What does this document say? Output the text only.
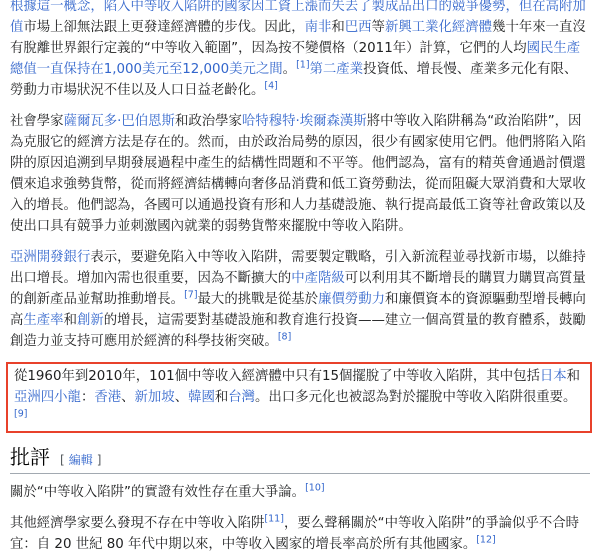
根據這一概念，陷入中等收入陷阱的國家因工資上漲而失去了製成品出口的競爭優勢，但在高附加值市場上卻無法跟上更發達經濟體的步伐。因此，南非和巴西等新興工業化經濟體幾十年來一直沒有脫離世界銀行定義的“中等收入範圍”，因為按不變價格（2011年）計算，它們的人均國民生產總值一直保持在1,000美元至12,000美元之間。[1]第二產業投資低、增長慢、產業多元化有限、勞動力市場狀況不佳以及人口日益老齡化。[4]

社會學家薩爾瓦多·巴伯恩斯和政治學家哈特穆特·埃爾森漢斯將中等收入陷阱稱為“政治陷阱”，因為克服它的經濟方法是存在的。然而，由於政治局勢的原因，很少有國家使用它們。他們將陷入陷阱的原因追溯到早期發展過程中產生的結構性問題和不平等。他們認為，富有的精英會通過討價還價來追求強勢貨幣，從而將經濟結構轉向奢侈品消費和低工資勞動法，從而阻礙大眾消費和大眾收入的增長。他們認為，各國可以通過投資有形和人力基礎設施、執行提高最低工資等社會政策以及使出口具有競爭力並刺激國內就業的弱勢貨幣來擺脫中等收入陷阱。

亞洲開發銀行表示，要避免陷入中等收入陷阱，需要製定戰略，引入新流程並尋找新市場，以維持出口增長。增加內需也很重要，因為不斷擴大的中產階級可以利用其不斷增長的購買力購買高質量的創新產品並幫助推動增長。[7]最大的挑戰是從基於廉價勞動力和廉價資本的資源驅動型增長轉向高生產率和創新的增長，這需要對基礎設施和教育進行投資——建立一個高質量的教育體系，鼓勵創造力並支持可應用於經濟的科學技術突破。[8]

從1960年到2010年，101個中等收入經濟體中只有15個擺脫了中等收入陷阱，其中包括日本和亞洲四小龍：香港、新加坡、韓國和台灣。出口多元化也被認為對於擺脫中等收入陷阱很重要。[9]

批評 [ 編輯 ]

關於“中等收入陷阱”的實證有效性存在重大爭論。[10]

其他經濟學家要么發現不存在中等收入陷阱[11]，要么聲稱關於“中等收入陷阱”的爭論似乎不合時宜：自 20 世紀 80 年代中期以來，中等收入國家的增長率高於所有其他國家。[12]
